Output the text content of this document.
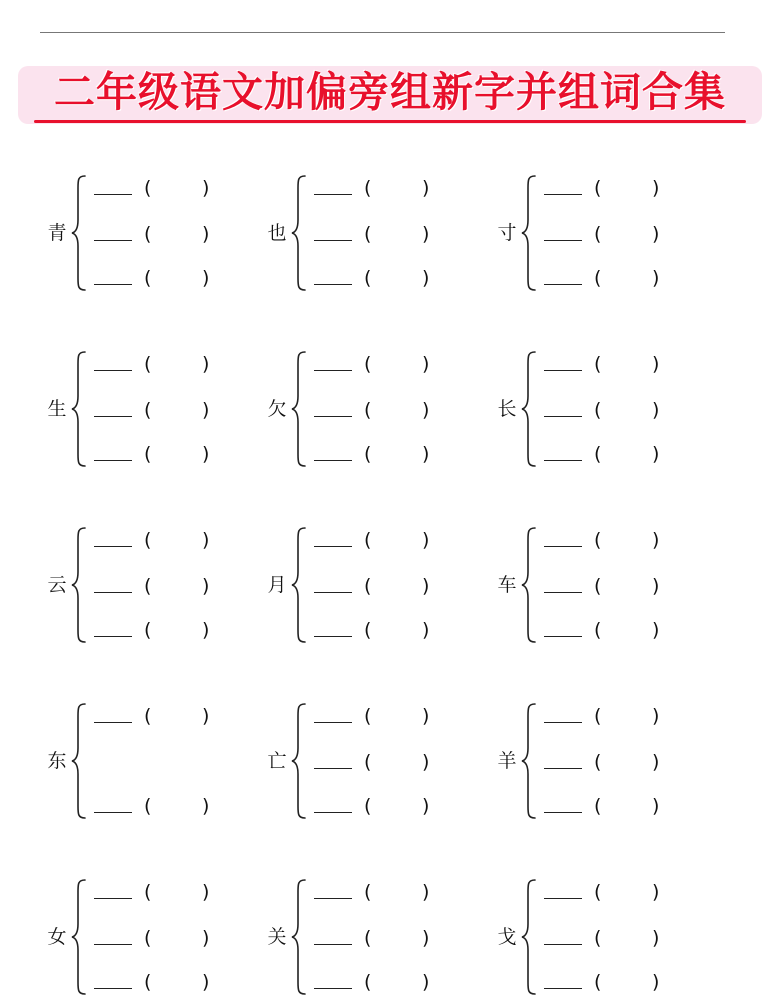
二年级语文加偏旁组新字并组词合集
青
(	)
(	)
(	)
也
(	)
(	)
(	)
寸
(	)
(	)
(	)
生
(	)
(	)
(	)
欠
(	)
(	)
(	)
长
(	)
(	)
(	)
云
(	)
(	)
(	)
月
(	)
(	)
(	)
车
(	)
(	)
(	)
东
(	)
(	)
亡
(	)
(	)
(	)
羊
(	)
(	)
(	)
女
(	)
(	)
(	)
关
(	)
(	)
(	)
戈
(	)
(	)
(	)
